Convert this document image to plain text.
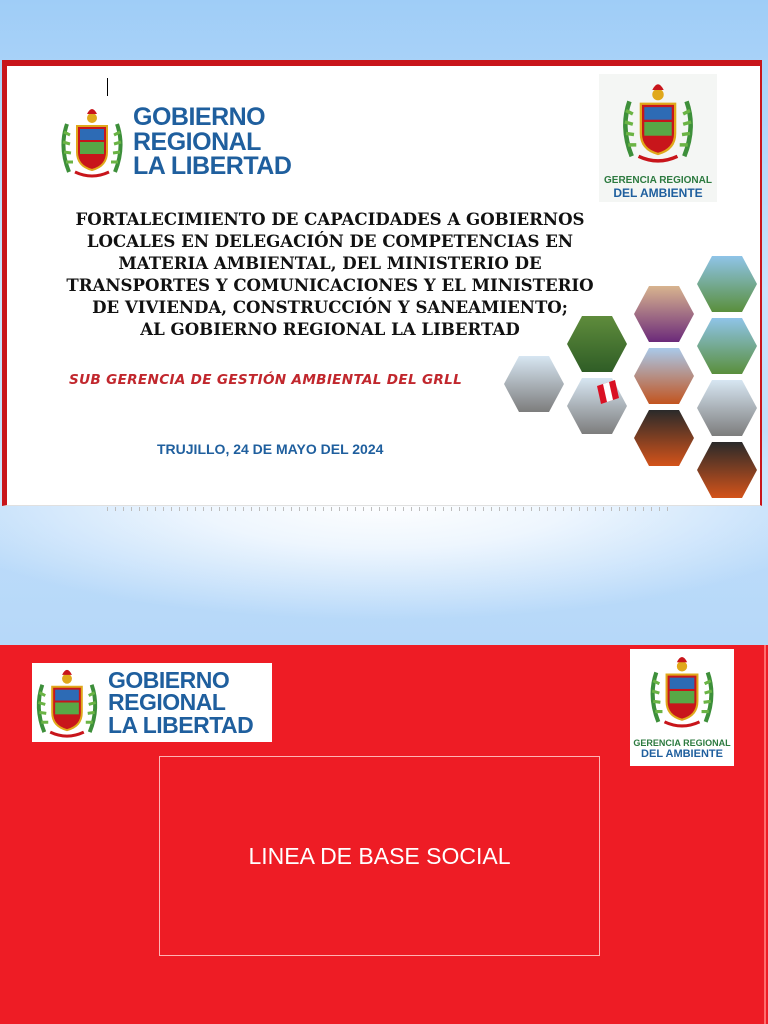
GOBIERNO
REGIONAL
LA LIBERTAD
GERENCIA REGIONAL
DEL AMBIENTE
FORTALECIMIENTO DE CAPACIDADES A GOBIERNOS
LOCALES EN DELEGACIÓN DE COMPETENCIAS EN
MATERIA AMBIENTAL, DEL MINISTERIO DE
TRANSPORTES Y COMUNICACIONES Y EL MINISTERIO
DE VIVIENDA, CONSTRUCCIÓN Y SANEAMIENTO;
AL GOBIERNO REGIONAL LA LIBERTAD
SUB GERENCIA DE GESTIÓN AMBIENTAL DEL GRLL
TRUJILLO, 24 DE MAYO DEL 2024
GOBIERNO
REGIONAL
LA LIBERTAD
GERENCIA REGIONAL
DEL AMBIENTE
LINEA DE BASE SOCIAL
